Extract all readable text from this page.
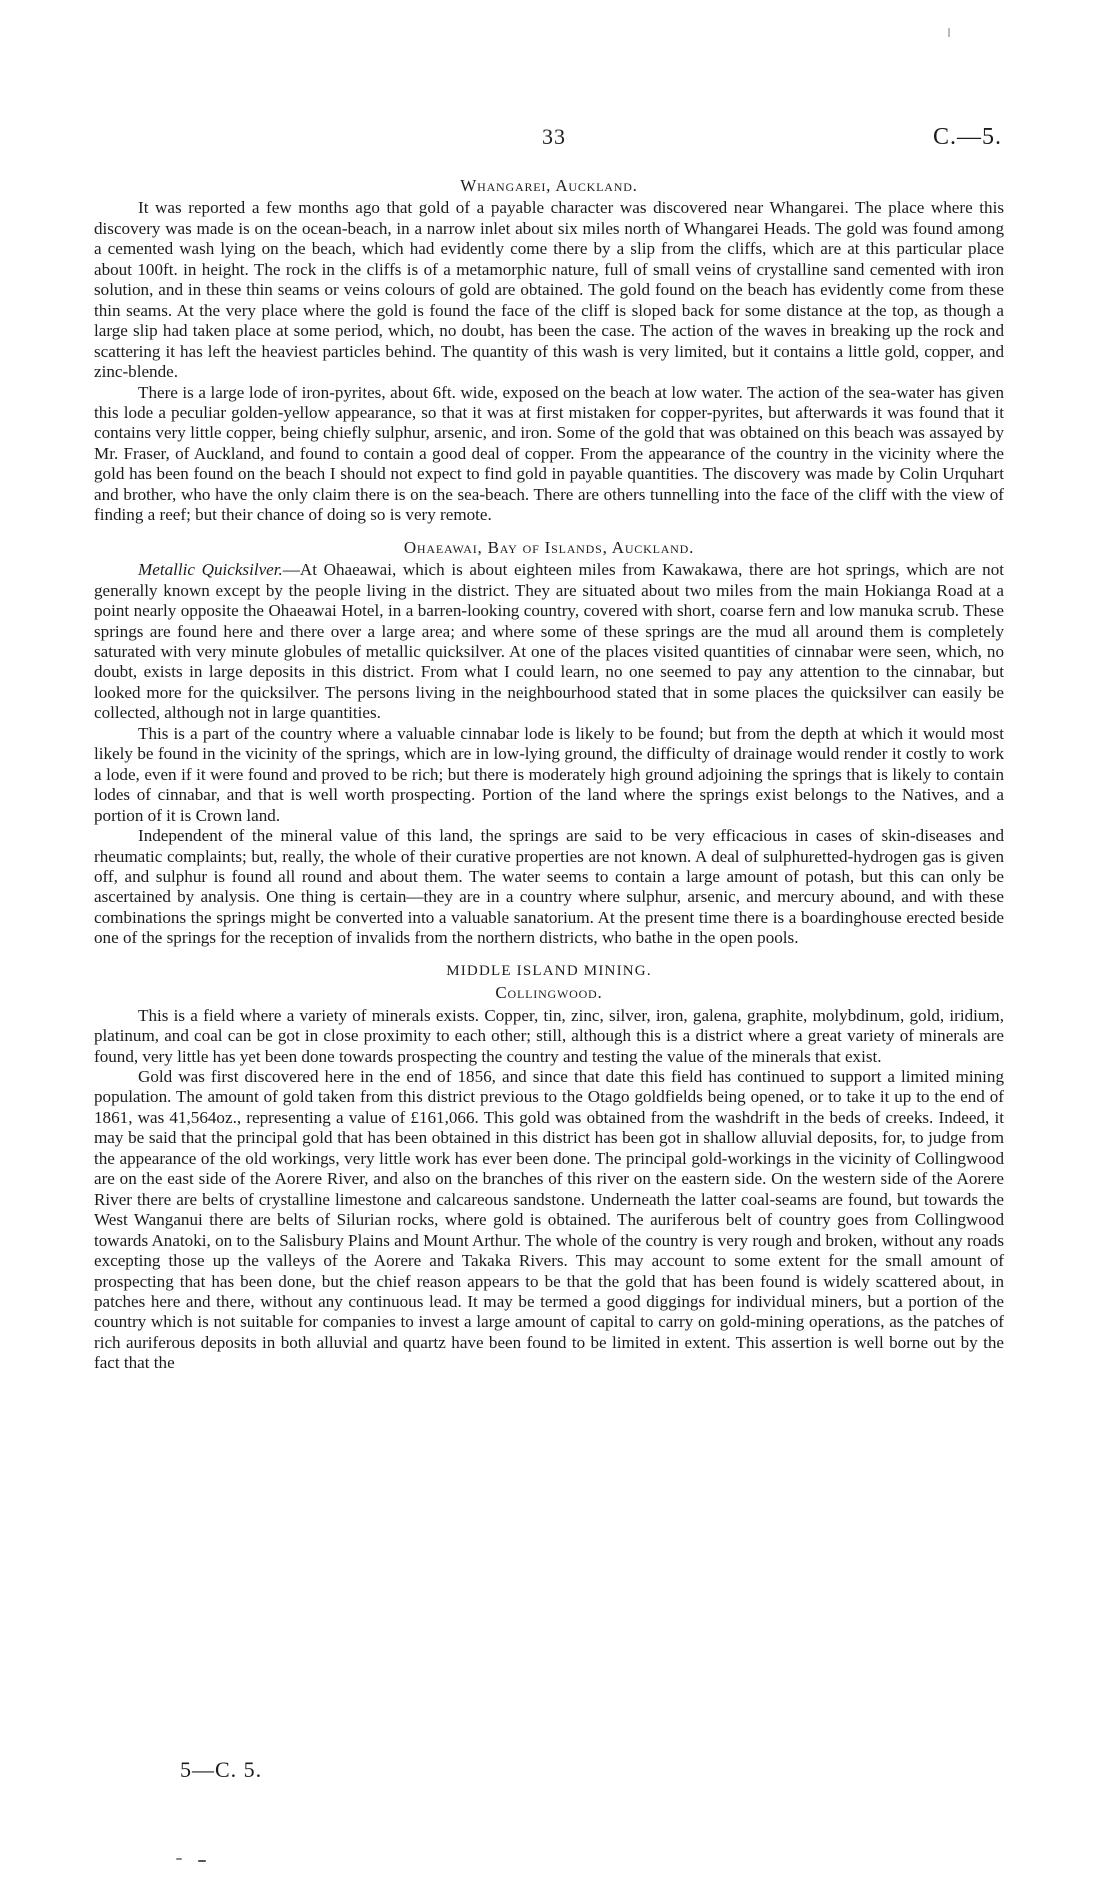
33	C.—5.
Whangarei, Auckland.

It was reported a few months ago that gold of a payable character was discovered near Whangarei. The place where this discovery was made is on the ocean-beach, in a narrow inlet about six miles north of Whangarei Heads. The gold was found among a cemented wash lying on the beach, which had evidently come there by a slip from the cliffs, which are at this particular place about 100ft. in height. The rock in the cliffs is of a metamorphic nature, full of small veins of crystalline sand cemented with iron solution, and in these thin seams or veins colours of gold are obtained. The gold found on the beach has evidently come from these thin seams. At the very place where the gold is found the face of the cliff is sloped back for some distance at the top, as though a large slip had taken place at some period, which, no doubt, has been the case. The action of the waves in breaking up the rock and scattering it has left the heaviest particles behind. The quantity of this wash is very limited, but it contains a little gold, copper, and zinc-blende.

There is a large lode of iron-pyrites, about 6ft. wide, exposed on the beach at low water. The action of the sea-water has given this lode a peculiar golden-yellow appearance, so that it was at first mistaken for copper-pyrites, but afterwards it was found that it contains very little copper, being chiefly sulphur, arsenic, and iron. Some of the gold that was obtained on this beach was assayed by Mr. Fraser, of Auckland, and found to contain a good deal of copper. From the appearance of the country in the vicinity where the gold has been found on the beach I should not expect to find gold in payable quantities. The discovery was made by Colin Urquhart and brother, who have the only claim there is on the sea-beach. There are others tunnelling into the face of the cliff with the view of finding a reef; but their chance of doing so is very remote.

Ohaeawai, Bay of Islands, Auckland.

Metallic Quicksilver.—At Ohaeawai, which is about eighteen miles from Kawakawa, there are hot springs, which are not generally known except by the people living in the district. They are situated about two miles from the main Hokianga Road at a point nearly opposite the Ohaeawai Hotel, in a barren-looking country, covered with short, coarse fern and low manuka scrub. These springs are found here and there over a large area; and where some of these springs are the mud all around them is completely saturated with very minute globules of metallic quicksilver. At one of the places visited quantities of cinnabar were seen, which, no doubt, exists in large deposits in this district. From what I could learn, no one seemed to pay any attention to the cinnabar, but looked more for the quicksilver. The persons living in the neighbourhood stated that in some places the quicksilver can easily be collected, although not in large quantities.

This is a part of the country where a valuable cinnabar lode is likely to be found; but from the depth at which it would most likely be found in the vicinity of the springs, which are in low-lying ground, the difficulty of drainage would render it costly to work a lode, even if it were found and proved to be rich; but there is moderately high ground adjoining the springs that is likely to contain lodes of cinnabar, and that is well worth prospecting. Portion of the land where the springs exist belongs to the Natives, and a portion of it is Crown land.

Independent of the mineral value of this land, the springs are said to be very efficacious in cases of skin-diseases and rheumatic complaints; but, really, the whole of their curative properties are not known. A deal of sulphuretted-hydrogen gas is given off, and sulphur is found all round and about them. The water seems to contain a large amount of potash, but this can only be ascertained by analysis. One thing is certain—they are in a country where sulphur, arsenic, and mercury abound, and with these combinations the springs might be converted into a valuable sanatorium. At the present time there is a boardinghouse erected beside one of the springs for the reception of invalids from the northern districts, who bathe in the open pools.

MIDDLE ISLAND MINING.
Collingwood.

This is a field where a variety of minerals exists. Copper, tin, zinc, silver, iron, galena, graphite, molybdinum, gold, iridium, platinum, and coal can be got in close proximity to each other; still, although this is a district where a great variety of minerals are found, very little has yet been done towards prospecting the country and testing the value of the minerals that exist.

Gold was first discovered here in the end of 1856, and since that date this field has continued to support a limited mining population. The amount of gold taken from this district previous to the Otago goldfields being opened, or to take it up to the end of 1861, was 41,564oz., representing a value of £161,066. This gold was obtained from the washdrift in the beds of creeks. Indeed, it may be said that the principal gold that has been obtained in this district has been got in shallow alluvial deposits, for, to judge from the appearance of the old workings, very little work has ever been done. The principal gold-workings in the vicinity of Collingwood are on the east side of the Aorere River, and also on the branches of this river on the eastern side. On the western side of the Aorere River there are belts of crystalline limestone and calcareous sandstone. Underneath the latter coal-seams are found, but towards the West Wanganui there are belts of Silurian rocks, where gold is obtained. The auriferous belt of country goes from Collingwood towards Anatoki, on to the Salisbury Plains and Mount Arthur. The whole of the country is very rough and broken, without any roads excepting those up the valleys of the Aorere and Takaka Rivers. This may account to some extent for the small amount of prospecting that has been done, but the chief reason appears to be that the gold that has been found is widely scattered about, in patches here and there, without any continuous lead. It may be termed a good diggings for individual miners, but a portion of the country which is not suitable for companies to invest a large amount of capital to carry on gold-mining operations, as the patches of rich auriferous deposits in both alluvial and quartz have been found to be limited in extent. This assertion is well borne out by the fact that the

5—C. 5.
